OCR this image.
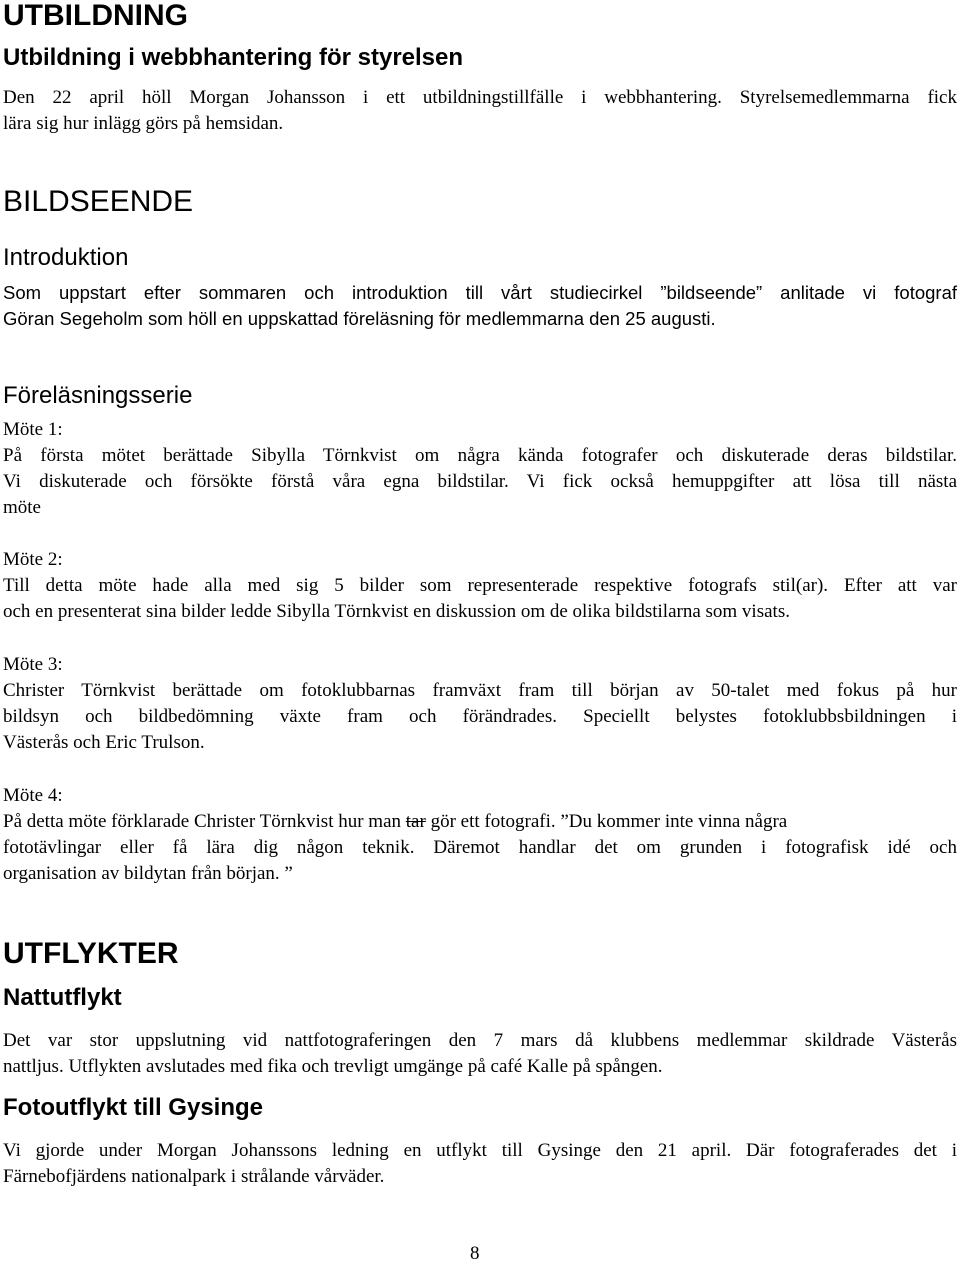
UTBILDNING
Utbildning i webbhantering för styrelsen
Den 22 april höll Morgan Johansson i ett utbildningstillfälle i webbhantering. Styrelsemedlemmarna fick
lära sig hur inlägg görs på hemsidan.
BILDSEENDE
Introduktion
Som uppstart efter sommaren och introduktion till vårt studiecirkel ”bildseende” anlitade vi fotograf
Göran Segeholm som höll en uppskattad föreläsning för medlemmarna den 25 augusti.
Föreläsningsserie
Möte 1:
På första mötet berättade Sibylla Törnkvist om några kända fotografer och diskuterade deras bildstilar.
Vi diskuterade och försökte förstå våra egna bildstilar. Vi fick också hemuppgifter att lösa till nästa
möte
Möte 2:
Till detta möte hade alla med sig 5 bilder som representerade respektive fotografs stil(ar). Efter att var
och en presenterat sina bilder ledde Sibylla Törnkvist en diskussion om de olika bildstilarna som visats.
Möte 3:
Christer Törnkvist berättade om fotoklubbarnas framväxt fram till början av 50-talet med fokus på hur
bildsyn och bildbedömning växte fram och förändrades. Speciellt belystes fotoklubbsbildningen i
Västerås och Eric Trulson.
Möte 4:
På detta möte förklarade Christer Törnkvist hur man tar gör ett fotografi. ”Du kommer inte vinna några
fototävlingar eller få lära dig någon teknik. Däremot handlar det om grunden i fotografisk idé och
organisation av bildytan från början. ”
UTFLYKTER
Nattutflykt
Det var stor uppslutning vid nattfotograferingen den 7 mars då klubbens medlemmar skildrade Västerås
nattljus. Utflykten avslutades med fika och trevligt umgänge på café Kalle på spången.
Fotoutflykt till Gysinge
Vi gjorde under Morgan Johanssons ledning en utflykt till Gysinge den 21 april. Där fotograferades det i
Färnebofjärdens nationalpark i strålande vårväder.
8
